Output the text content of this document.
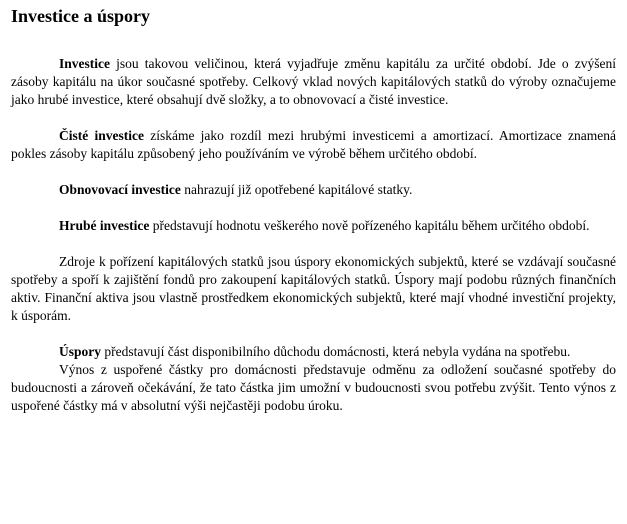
Investice a úspory

Investice jsou takovou veličinou, která vyjadřuje změnu kapitálu za určité období. Jde o zvýšení zásoby kapitálu na úkor současné spotřeby. Celkový vklad nových kapitálových statků do výroby označujeme jako hrubé investice, které obsahují dvě složky, a to obnovovací a čisté investice.

Čisté investice získáme jako rozdíl mezi hrubými investicemi a amortizací. Amortizace znamená pokles zásoby kapitálu způsobený jeho používáním ve výrobě během určitého období.

Obnovovací investice nahrazují již opotřebené kapitálové statky.

Hrubé investice představují hodnotu veškerého nově pořízeného kapitálu během určitého období.

Zdroje k pořízení kapitálových statků jsou úspory ekonomických subjektů, které se vzdávají současné spotřeby a spoří k zajištění fondů pro zakoupení kapitálových statků. Úspory mají podobu různých finančních aktiv. Finanční aktiva jsou vlastně prostředkem ekonomických subjektů, které mají vhodné investiční projekty, k úsporám.

Úspory představují část disponibilního důchodu domácnosti, která nebyla vydána na spotřebu.

Výnos z uspořené částky pro domácnosti představuje odměnu za odložení současné spotřeby do budoucnosti a zároveň očekávání, že tato částka jim umožní v budoucnosti svou potřebu zvýšit. Tento výnos z uspořené částky má v absolutní výši nejčastěji podobu úroku.
